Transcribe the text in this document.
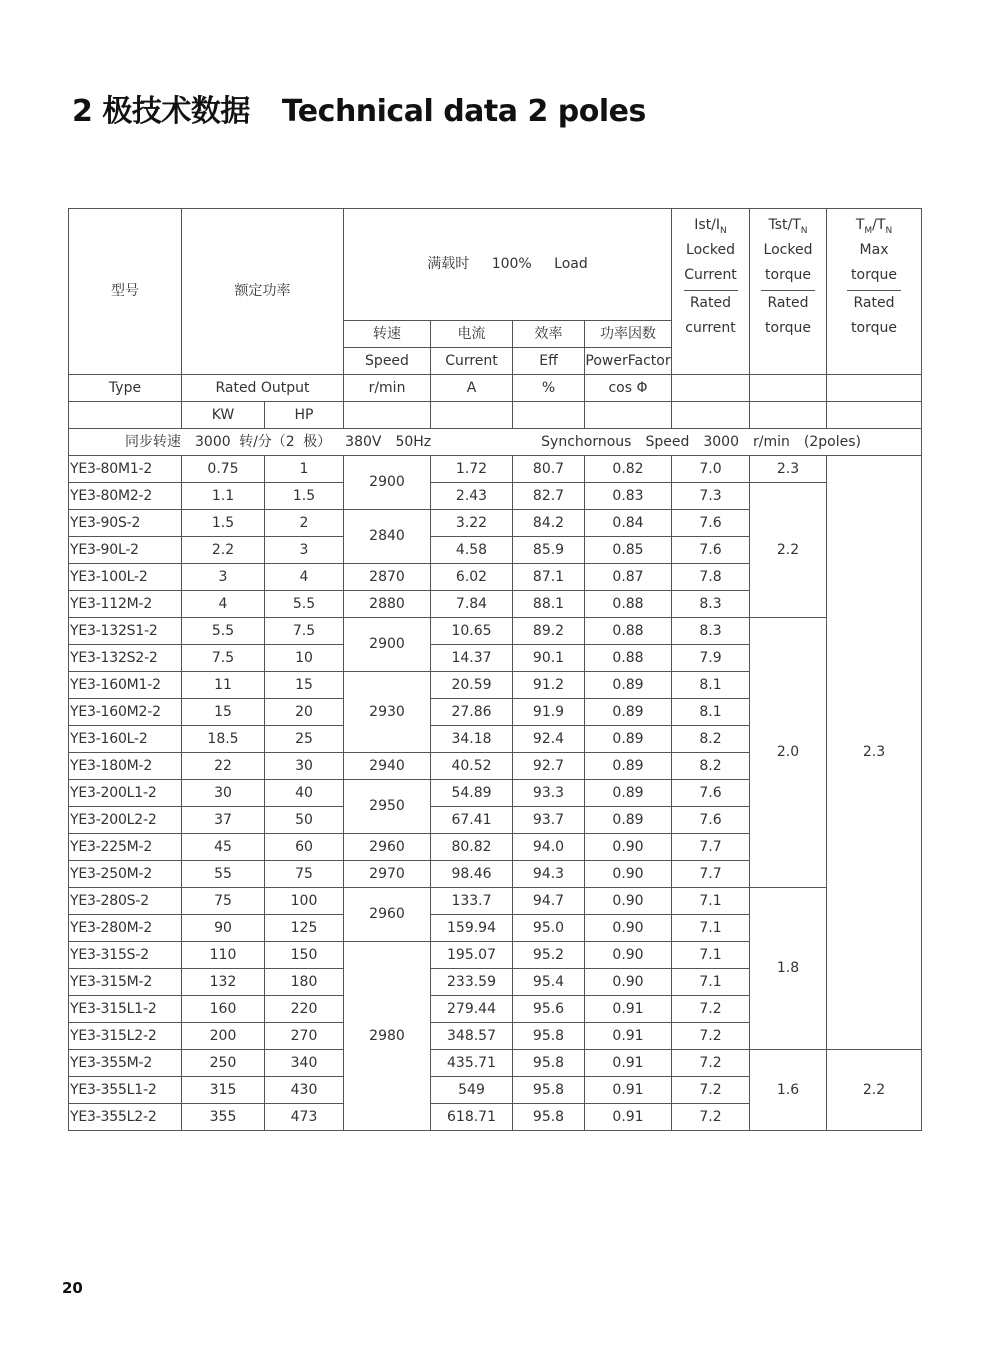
2 极技术数据 Technical data 2 poles
型号	额定功率		满载时 100% Load				Ist/$I_N$
Locked
Current
Rated
current	Tst/$T_N$
Locked
torque
Rated
torque	$T_M/T_N$
Max
torque
Rated
torque

			转速	电流	效率	功率因数			
			Speed	Current	Eff	PowerFactor			
Type	Rated Output		r/min	A	%	cos Φ			
	KW	HP							
同步转速 3000 转/分（2 极） 380V 50Hz Synchornous Speed 3000 r/min (2poles)									
YE3-80M1-2	0.75	1	2900	1.72	80.7	0.82	7.0	2.3	2.3
YE3-80M2-2	1.1	1.5		2.43	82.7	0.83	7.3	2.2	
YE3-90S-2	1.5	2	2840	3.22	84.2	0.84	7.6		
YE3-90L-2	2.2	3		4.58	85.9	0.85	7.6		
YE3-100L-2	3	4	2870	6.02	87.1	0.87	7.8		
YE3-112M-2	4	5.5	2880	7.84	88.1	0.88	8.3		
YE3-132S1-2	5.5	7.5	2900	10.65	89.2	0.88	8.3	2.0	
YE3-132S2-2	7.5	10		14.37	90.1	0.88	7.9		
YE3-160M1-2	11	15	2930	20.59	91.2	0.89	8.1		
YE3-160M2-2	15	20		27.86	91.9	0.89	8.1		
YE3-160L-2	18.5	25		34.18	92.4	0.89	8.2		
YE3-180M-2	22	30	2940	40.52	92.7	0.89	8.2		
YE3-200L1-2	30	40	2950	54.89	93.3	0.89	7.6		
YE3-200L2-2	37	50		67.41	93.7	0.89	7.6		
YE3-225M-2	45	60	2960	80.82	94.0	0.90	7.7		
YE3-250M-2	55	75	2970	98.46	94.3	0.90	7.7		
YE3-280S-2	75	100	2960	133.7	94.7	0.90	7.1	1.8	
YE3-280M-2	90	125		159.94	95.0	0.90	7.1		
YE3-315S-2	110	150	2980	195.07	95.2	0.90	7.1		
YE3-315M-2	132	180		233.59	95.4	0.90	7.1		
YE3-315L1-2	160	220		279.44	95.6	0.91	7.2		
YE3-315L2-2	200	270		348.57	95.8	0.91	7.2		
YE3-355M-2	250	340		435.71	95.8	0.91	7.2	1.6	2.2
YE3-355L1-2	315	430		549	95.8	0.91	7.2		
YE3-355L2-2	355	473		618.71	95.8	0.91	7.2		
20
